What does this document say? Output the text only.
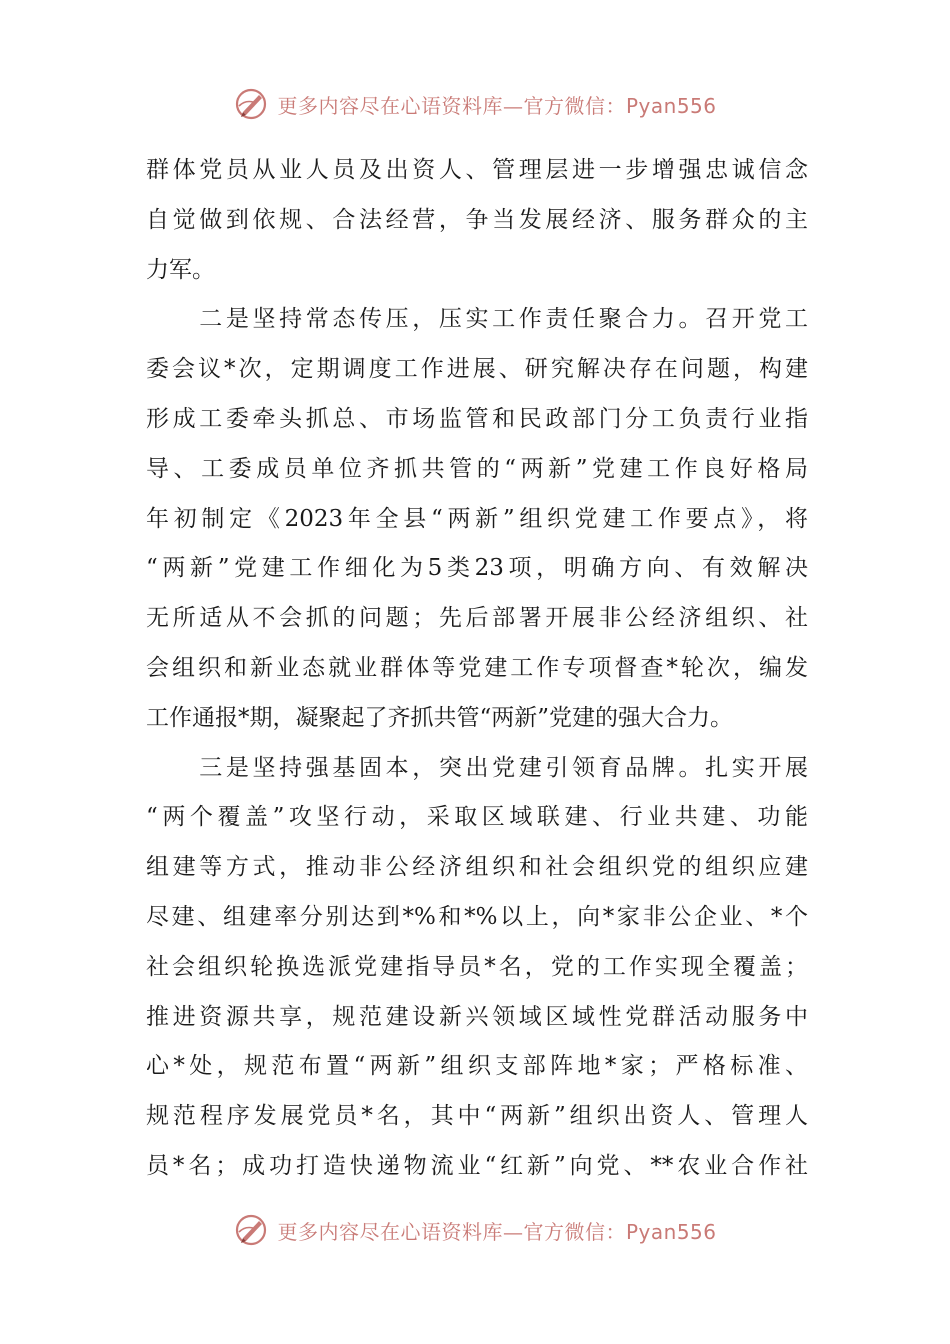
更多内容尽在心语资料库—官方微信：Pyan556
群体党员从业人员及出资人、管理层进一步增强忠诚信念
自觉做到依规、合法经营，争当发展经济、服务群众的主
力军。
　　二是坚持常态传压，压实工作责任聚合力。召开党工
委会议*次，定期调度工作进展、研究解决存在问题，构建
形成工委牵头抓总、市场监管和民政部门分工负责行业指
导、工委成员单位齐抓共管的“两新”党建工作良好格局
年初制定《2023年全县“两新”组织党建工作要点》，将
“两新”党建工作细化为5类23项，明确方向、有效解决
无所适从不会抓的问题；先后部署开展非公经济组织、社
会组织和新业态就业群体等党建工作专项督查*轮次，编发
工作通报*期，凝聚起了齐抓共管“两新”党建的强大合力。
　　三是坚持强基固本，突出党建引领育品牌。扎实开展
“两个覆盖”攻坚行动，采取区域联建、行业共建、功能
组建等方式，推动非公经济组织和社会组织党的组织应建
尽建、组建率分别达到*%和*%以上，向*家非公企业、*个
社会组织轮换选派党建指导员*名，党的工作实现全覆盖；
推进资源共享，规范建设新兴领域区域性党群活动服务中
心*处，规范布置“两新”组织支部阵地*家；严格标准、
规范程序发展党员*名，其中“两新”组织出资人、管理人
员*名；成功打造快递物流业“红新”向党、**农业合作社
更多内容尽在心语资料库—官方微信：Pyan556
